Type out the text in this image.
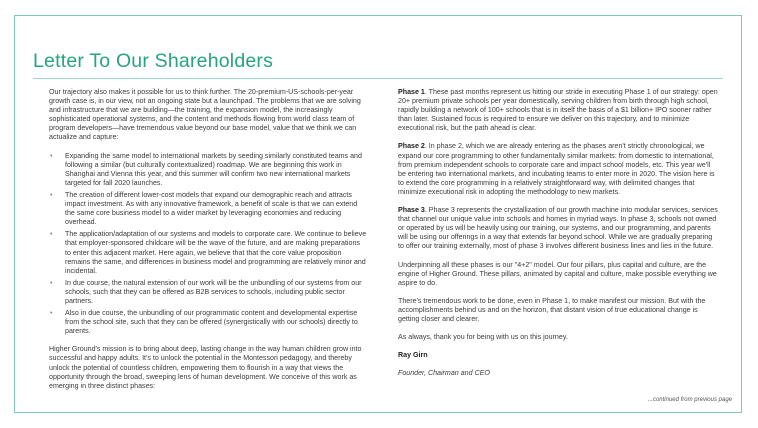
Letter To Our Shareholders

Our trajectory also makes it possible for us to think further. The 20-premium-US-schools-per-year growth case is, in our view, not an ongoing state but a launchpad. The problems that we are solving and infrastructure that we are building—the training, the expansion model, the increasingly sophisticated operational systems, and the content and methods flowing from world class team of program developers—have tremendous value beyond our base model, value that we think we can actualize and capture:

• Expanding the same model to international markets by seeding similarly constituted teams and following a similar (but culturally contextualized) roadmap. We are beginning this work in Shanghai and Vienna this year, and this summer will confirm two new international markets targeted for fall 2020 launches.
• The creation of different lower-cost models that expand our demographic reach and attracts impact investment. As with any innovative framework, a benefit of scale is that we can extend the same core business model to a wider market by leveraging economies and reducing overhead.
• The application/adaptation of our systems and models to corporate care. We continue to believe that employer-sponsored childcare will be the wave of the future, and are making preparations to enter this adjacent market. Here again, we believe that that the core value proposition remains the same, and differences in business model and programming are relatively minor and incidental.
• In due course, the natural extension of our work will be the unbundling of our systems from our schools, such that they can be offered as B2B services to schools, including public sector partners.
• Also in due course, the unbundling of our programmatic content and developmental expertise from the school site, such that they can be offered (synergistically with our schools) directly to parents.

Higher Ground's mission is to bring about deep, lasting change in the way human children grow into successful and happy adults. It's to unlock the potential in the Montessori pedagogy, and thereby unlock the potential of countless children, empowering them to flourish in a way that views the opportunity through the broad, sweeping lens of human development. We conceive of this work as emerging in three distinct phases:

Phase 1. These past months represent us hitting our stride in executing Phase 1 of our strategy: open 20+ premium private schools per year domestically, serving children from birth through high school, rapidly building a network of 100+ schools that is in itself the basis of a $1 billion+ IPO sooner rather than later. Sustained focus is required to ensure we deliver on this trajectory, and to minimize executional risk, but the path ahead is clear.

Phase 2. In phase 2, which we are already entering as the phases aren't strictly chronological, we expand our core programming to other fundamentally similar markets: from domestic to international, from premium independent schools to corporate care and impact school models, etc. This year we'll be entering two international markets, and incubating teams to enter more in 2020. The vision here is to extend the core programming in a relatively straightforward way, with delimited changes that minimize executional risk in adopting the methodology to new markets.

Phase 3. Phase 3 represents the crystallization of our growth machine into modular services, services that channel our unique value into schools and homes in myriad ways. In phase 3, schools not owned or operated by us will be heavily using our training, our systems, and our programming, and parents will be using our offerings in a way that extends far beyond school. While we are gradually preparing to offer our training externally, most of phase 3 involves different business lines and lies in the future.

Underpinning all these phases is our "4+2" model. Our four pillars, plus capital and culture, are the engine of Higher Ground. These pillars, animated by capital and culture, make possible everything we aspire to do.

There's tremendous work to be done, even in Phase 1, to make manifest our mission. But with the accomplishments behind us and on the horizon, that distant vision of true educational change is getting closer and clearer.

As always, thank you for being with us on this journey.

Ray Girn

Founder, Chairman and CEO

...continued from previous page
